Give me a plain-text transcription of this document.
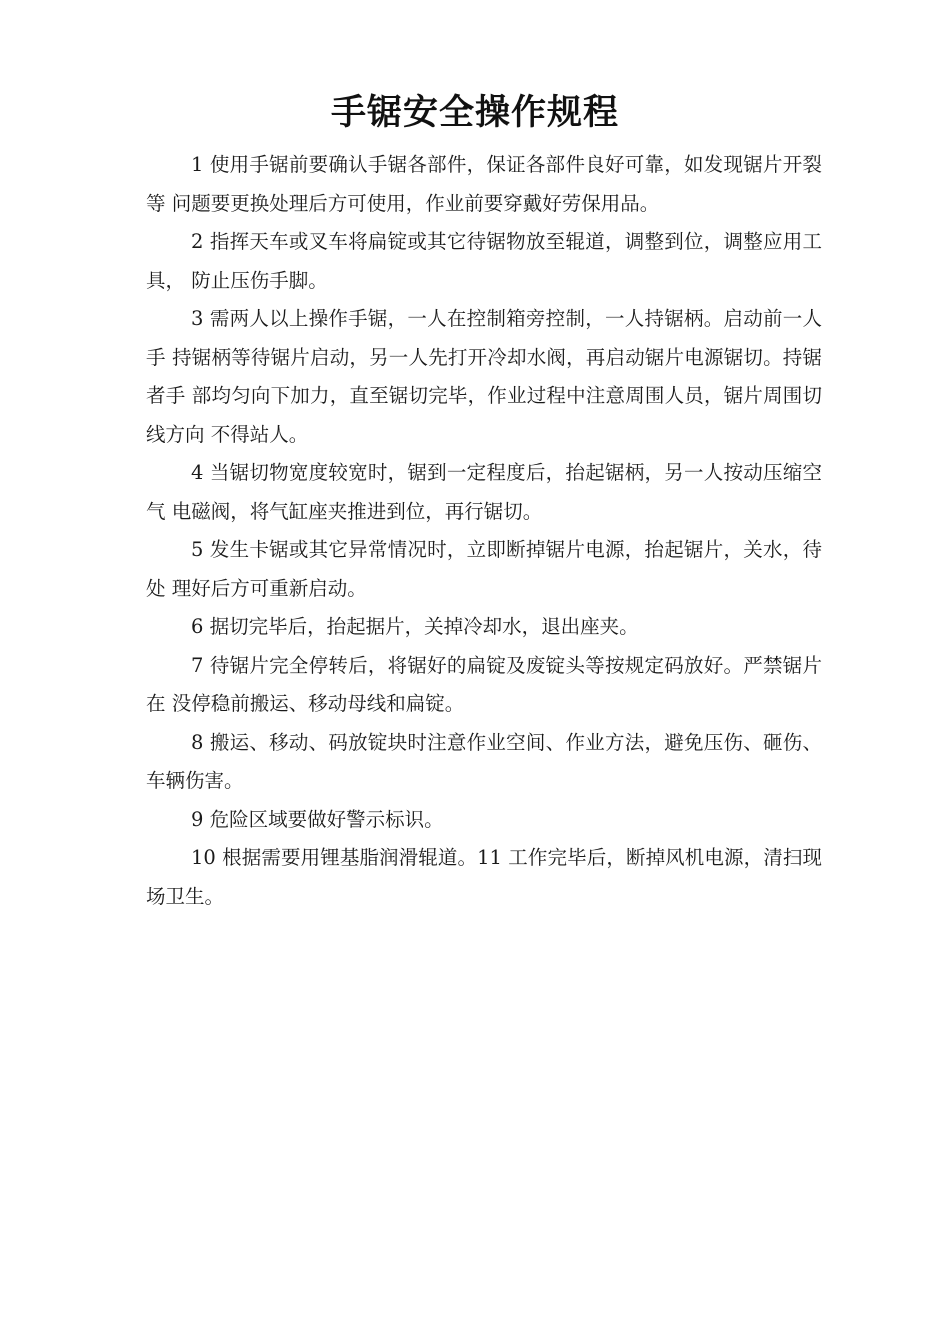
手锯安全操作规程

1 使用手锯前要确认手锯各部件，保证各部件良好可靠，如发现锯片开裂等 问题要更换处理后方可使用，作业前要穿戴好劳保用品。

2 指挥天车或叉车将扁锭或其它待锯物放至辊道，调整到位，调整应用工具， 防止压伤手脚。

3 需两人以上操作手锯，一人在控制箱旁控制，一人持锯柄。启动前一人手 持锯柄等待锯片启动，另一人先打开冷却水阀，再启动锯片电源锯切。持锯者手 部均匀向下加力，直至锯切完毕，作业过程中注意周围人员，锯片周围切线方向 不得站人。

4 当锯切物宽度较宽时，锯到一定程度后，抬起锯柄，另一人按动压缩空气 电磁阀，将气缸座夹推进到位，再行锯切。

5 发生卡锯或其它异常情况时，立即断掉锯片电源，抬起锯片，关水，待处 理好后方可重新启动。

6 据切完毕后，抬起据片，关掉冷却水，退出座夹。

7 待锯片完全停转后，将锯好的扁锭及废锭头等按规定码放好。严禁锯片在 没停稳前搬运、移动母线和扁锭。

8 搬运、移动、码放锭块时注意作业空间、作业方法，避免压伤、砸伤、车辆伤害。

9 危险区域要做好警示标识。

10 根据需要用锂基脂润滑辊道。11 工作完毕后，断掉风机电源，清扫现场卫生。
